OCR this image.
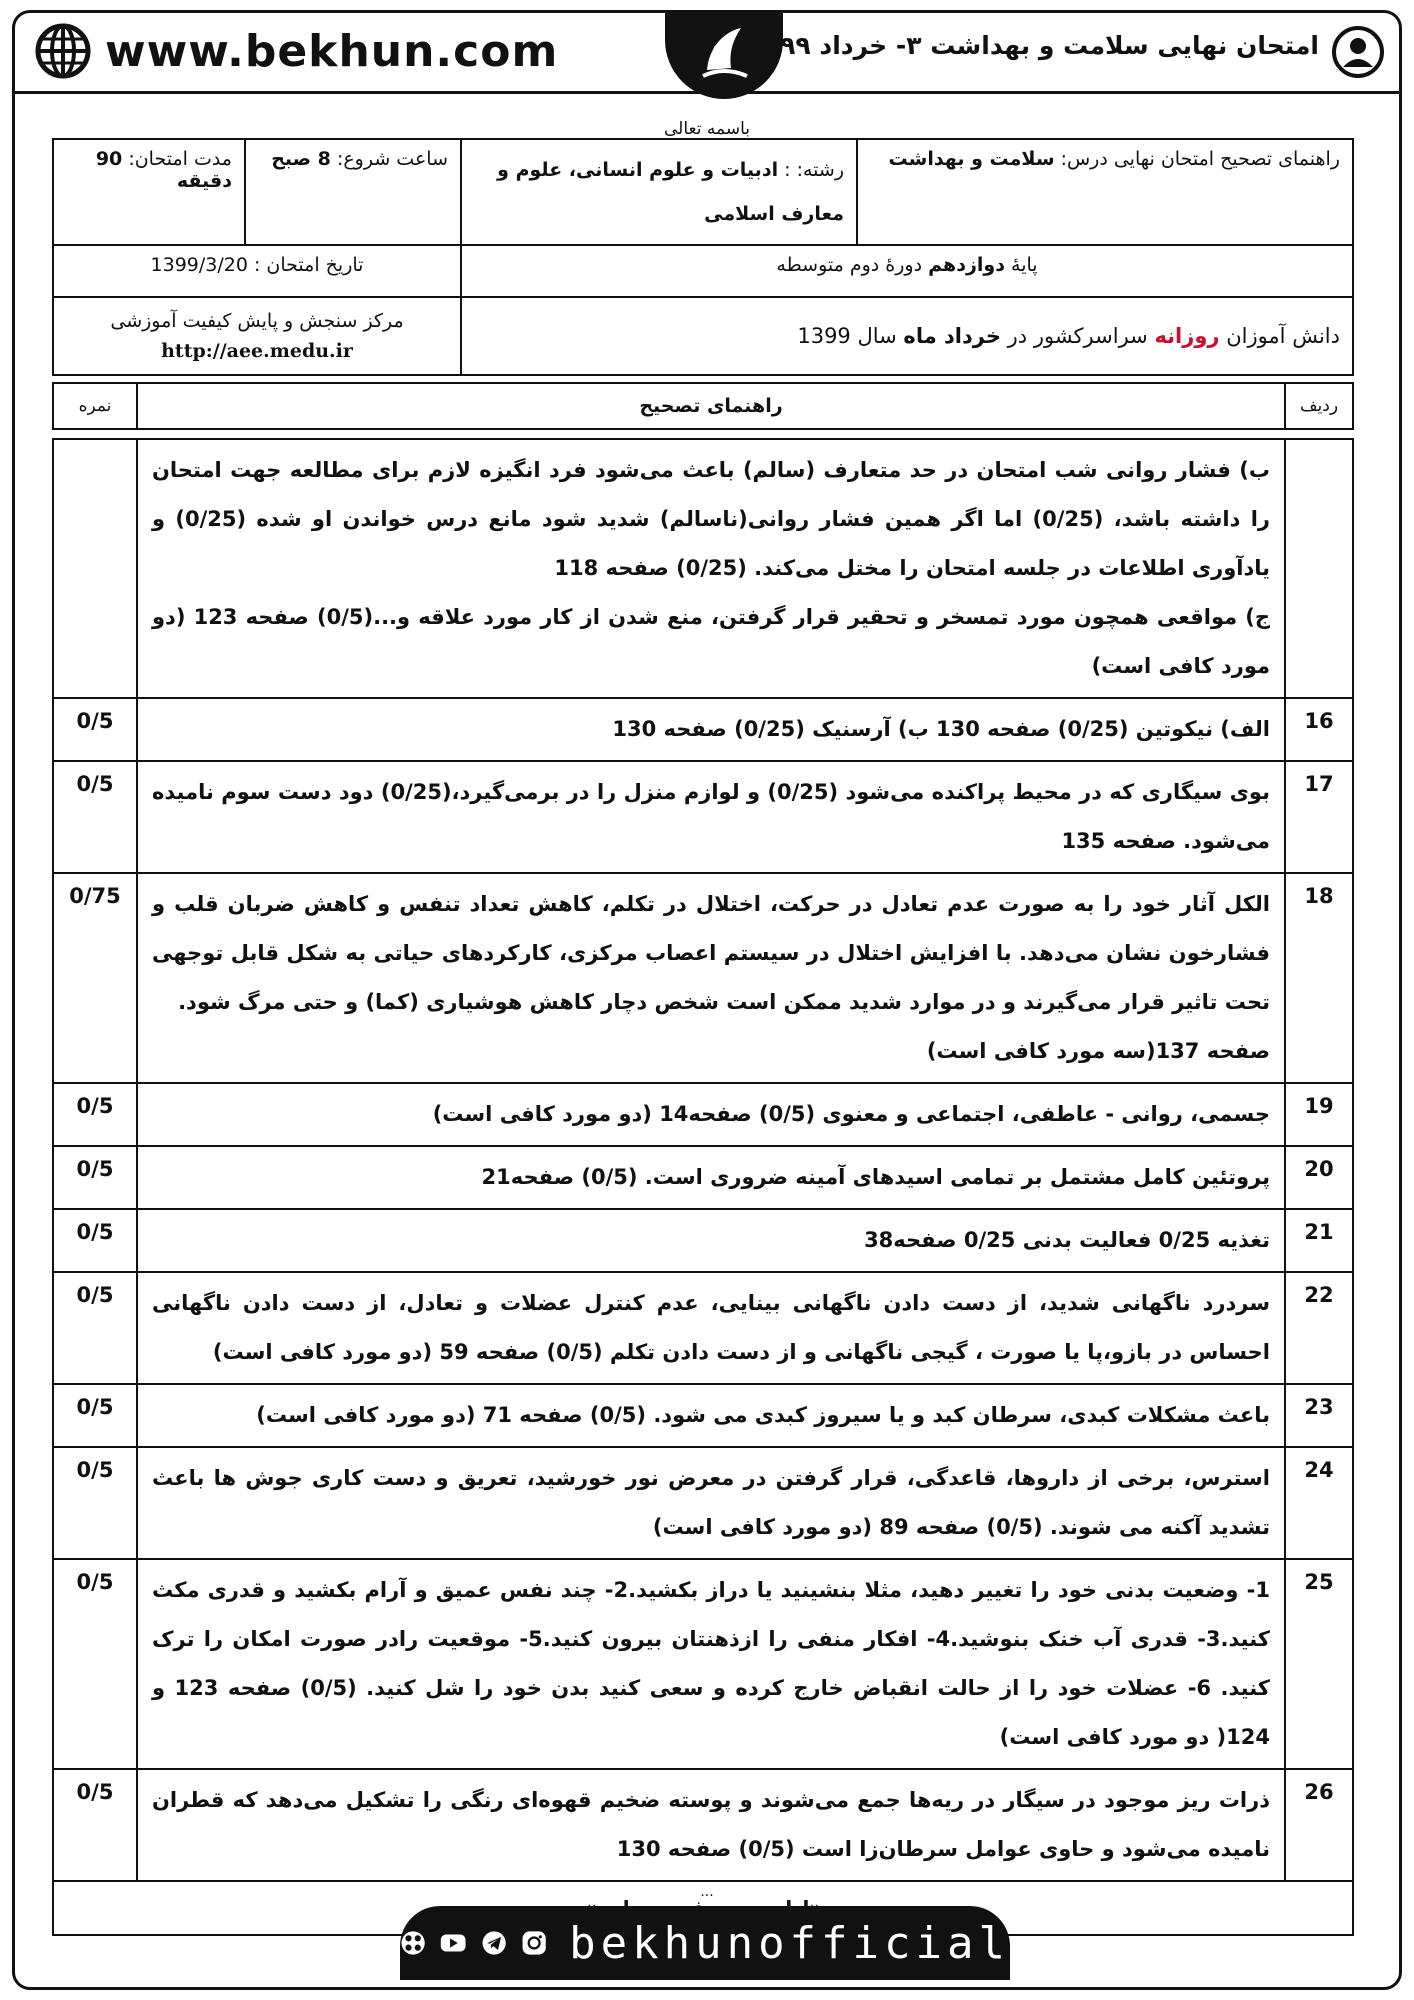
www.bekhun.com	امتحان نهایی سلامت و بهداشت ۳- خرداد ۹۹
باسمه تعالی
راهنمای تصحیح امتحان نهایی درس: سلامت و بهداشت	رشته: : ادبیات و علوم انسانی، علوم و معارف اسلامی	ساعت شروع: 8 صبح	مدت امتحان: 90 دقیقه
پایهٔ دوازدهم دورهٔ دوم متوسطه		تاریخ امتحان : 1399/3/20	
دانش آموزان روزانه سراسرکشور در خرداد ماه سال 1399		مرکز سنجش و پایش کیفیت آموزشی
http://aee.medu.ir	
ردیف	راهنمای تصحیح	نمره

	ب) فشار روانی شب امتحان در حد متعارف (سالم) باعث می‌شود فرد انگیزه لازم برای مطالعه جهت امتحان را داشته باشد، (0/25) اما اگر همین فشار روانی(ناسالم) شدید شود مانع درس خواندن او شده (0/25) و یادآوری اطلاعات در جلسه امتحان را مختل می‌کند. (0/25) صفحه 118
ج) مواقعی همچون مورد تمسخر و تحقیر قرار گرفتن، منع شدن از کار مورد علاقه و...(0/5) صفحه 123 (دو مورد کافی است)	

16	الف) نیکوتین (0/25) صفحه 130 ب) آرسنیک (0/25) صفحه 130	0/5
17	بوی سیگاری که در محیط پراکنده می‌شود (0/25) و لوازم منزل را در برمی‌گیرد،(0/25) دود دست سوم نامیده می‌شود. صفحه 135	0/5
18	الکل آثار خود را به صورت عدم تعادل در حرکت، اختلال در تکلم، کاهش تعداد تنفس و کاهش ضربان قلب و فشارخون نشان می‌دهد. با افزایش اختلال در سیستم اعصاب مرکزی، کارکردهای حیاتی به شکل قابل توجهی تحت تاثیر قرار می‌گیرند و در موارد شدید ممکن است شخص دچار کاهش هوشیاری (کما) و حتی مرگ شود.
صفحه 137(سه مورد کافی است)	0/75
19	جسمی، روانی - عاطفی، اجتماعی و معنوی (0/5) صفحه14 (دو مورد کافی است)	0/5
20	پروتئین کامل مشتمل بر تمامی اسیدهای آمینه ضروری است. (0/5) صفحه21	0/5
21	تغذیه 0/25 فعالیت بدنی 0/25 صفحه38	0/5
22	سردرد ناگهانی شدید، از دست دادن ناگهانی بینایی، عدم کنترل عضلات و تعادل، از دست دادن ناگهانی احساس در بازو،پا یا صورت ، گیجی ناگهانی و از دست دادن تکلم (0/5) صفحه 59 (دو مورد کافی است)	0/5
23	باعث مشکلات کبدی، سرطان کبد و یا سیروز کبدی می شود. (0/5) صفحه 71 (دو مورد کافی است)	0/5
24	استرس، برخی از داروها، قاعدگی، قرار گرفتن در معرض نور خورشید، تعریق و دست کاری جوش ها باعث تشدید آکنه می شوند. (0/5) صفحه 89 (دو مورد کافی است)	0/5
25	1- وضعیت بدنی خود را تغییر دهید، مثلا بنشینید یا دراز بکشید.2- چند نفس عمیق و آرام بکشید و قدری مکث کنید.3- قدری آب خنک بنوشید.4- افکار منفی را ازذهنتان بیرون کنید.5- موقعیت رادر صورت امکان را ترک کنید. 6- عضلات خود را از حالت انقباض خارج کرده و سعی کنید بدن خود را شل کنید. (0/5) صفحه 123 و 124( دو مورد کافی است)	0/5
26	ذرات ریز موجود در سیگار در ریه‌ها جمع می‌شوند و پوسته ضخیم قهوه‌ای رنگی را تشکیل می‌دهد که قطران نامیده می‌شود و حاوی عوامل سرطان‌زا است (0/5) صفحه 130	0/5

...
bekhunofficial
